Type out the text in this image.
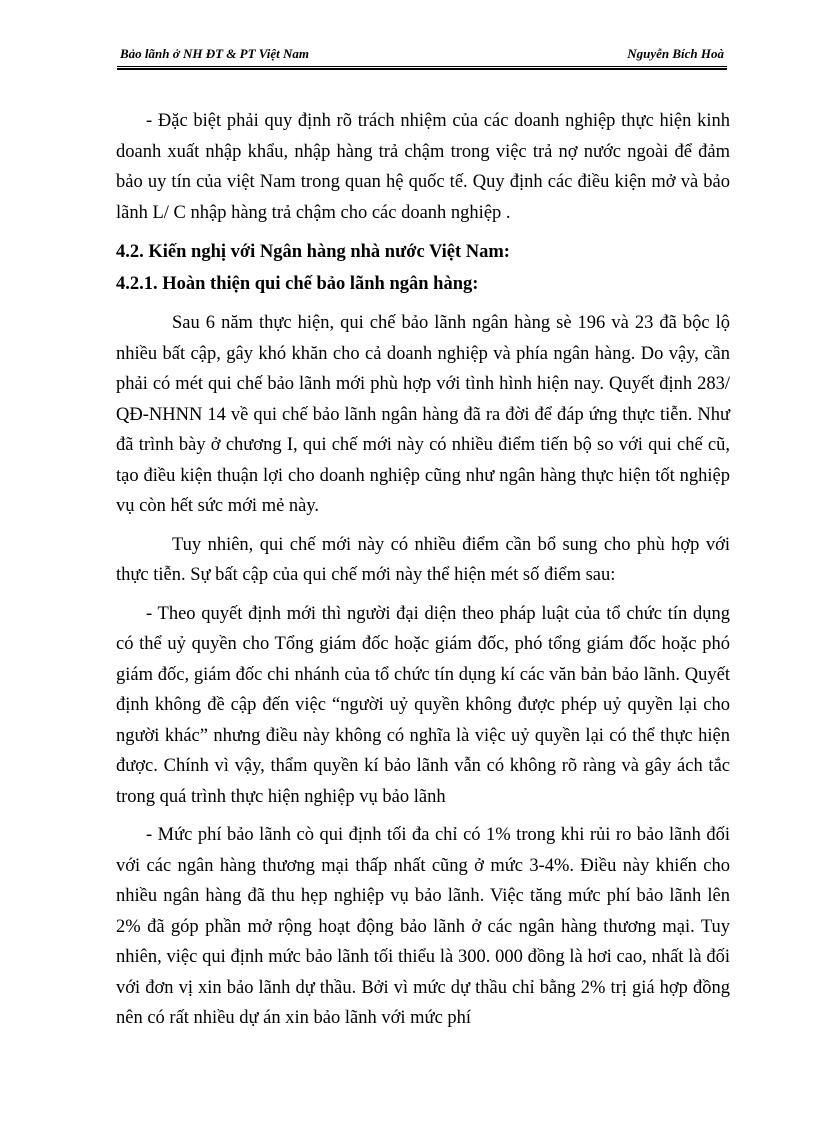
Bảo lãnh ở NH ĐT & PT Việt Nam	Nguyễn Bích Hoà

- Đặc biệt phải quy định rõ trách nhiệm của các doanh nghiệp thực hiện kinh doanh xuất nhập khẩu, nhập hàng trả chậm trong việc trả nợ nước ngoài để đảm bảo uy tín của việt Nam trong quan hệ quốc tế. Quy định các điều kiện mở và bảo lãnh L/ C nhập hàng trả chậm cho các doanh nghiệp .

4.2. Kiến nghị với Ngân hàng nhà nước Việt Nam:
4.2.1. Hoàn thiện qui chế bảo lãnh ngân hàng:

Sau 6 năm thực hiện, qui chế bảo lãnh ngân hàng sè 196 và 23 đã bộc lộ nhiều bất cập, gây khó khăn cho cả doanh nghiệp và phía ngân hàng. Do vậy, cần phải có mét qui chế bảo lãnh mới phù hợp với tình hình hiện nay. Quyết định 283/ QĐ-NHNN 14 về qui chế bảo lãnh ngân hàng đã ra đời để đáp ứng thực tiễn. Như đã trình bày ở chương I, qui chế mới này có nhiều điểm tiến bộ so với qui chế cũ, tạo điều kiện thuận lợi cho doanh nghiệp cũng như ngân hàng thực hiện tốt nghiệp vụ còn hết sức mới mẻ này.

Tuy nhiên, qui chế mới này có nhiều điểm cần bổ sung cho phù hợp với thực tiễn. Sự bất cập của qui chế mới này thể hiện mét số điểm sau:

- Theo quyết định mới thì người đại diện theo pháp luật của tổ chức tín dụng có thể uỷ quyền cho Tổng giám đốc hoặc giám đốc, phó tổng giám đốc hoặc phó giám đốc, giám đốc chi nhánh của tổ chức tín dụng kí các văn bản bảo lãnh. Quyết định không đề cập đến việc “người uỷ quyền không được phép uỷ quyền lại cho người khác” nhưng điều này không có nghĩa là việc uỷ quyền lại có thể thực hiện được. Chính vì vậy, thẩm quyền kí bảo lãnh vẫn có không rõ ràng và gây ách tắc trong quá trình thực hiện nghiệp vụ bảo lãnh

- Mức phí bảo lãnh cò qui định tối đa chỉ có 1% trong khi rủi ro bảo lãnh đối với các ngân hàng thương mại thấp nhất cũng ở mức 3-4%. Điều này khiến cho nhiều ngân hàng đã thu hẹp nghiệp vụ bảo lãnh. Việc tăng mức phí bảo lãnh lên 2% đã góp phần mở rộng hoạt động bảo lãnh ở các ngân hàng thương mại. Tuy nhiên, việc qui định mức bảo lãnh tối thiểu là 300. 000 đồng là hơi cao, nhất là đối với đơn vị xin bảo lãnh dự thầu. Bởi vì mức dự thầu chỉ bằng 2% trị giá hợp đồng nên có rất nhiều dự án xin bảo lãnh với mức phí
